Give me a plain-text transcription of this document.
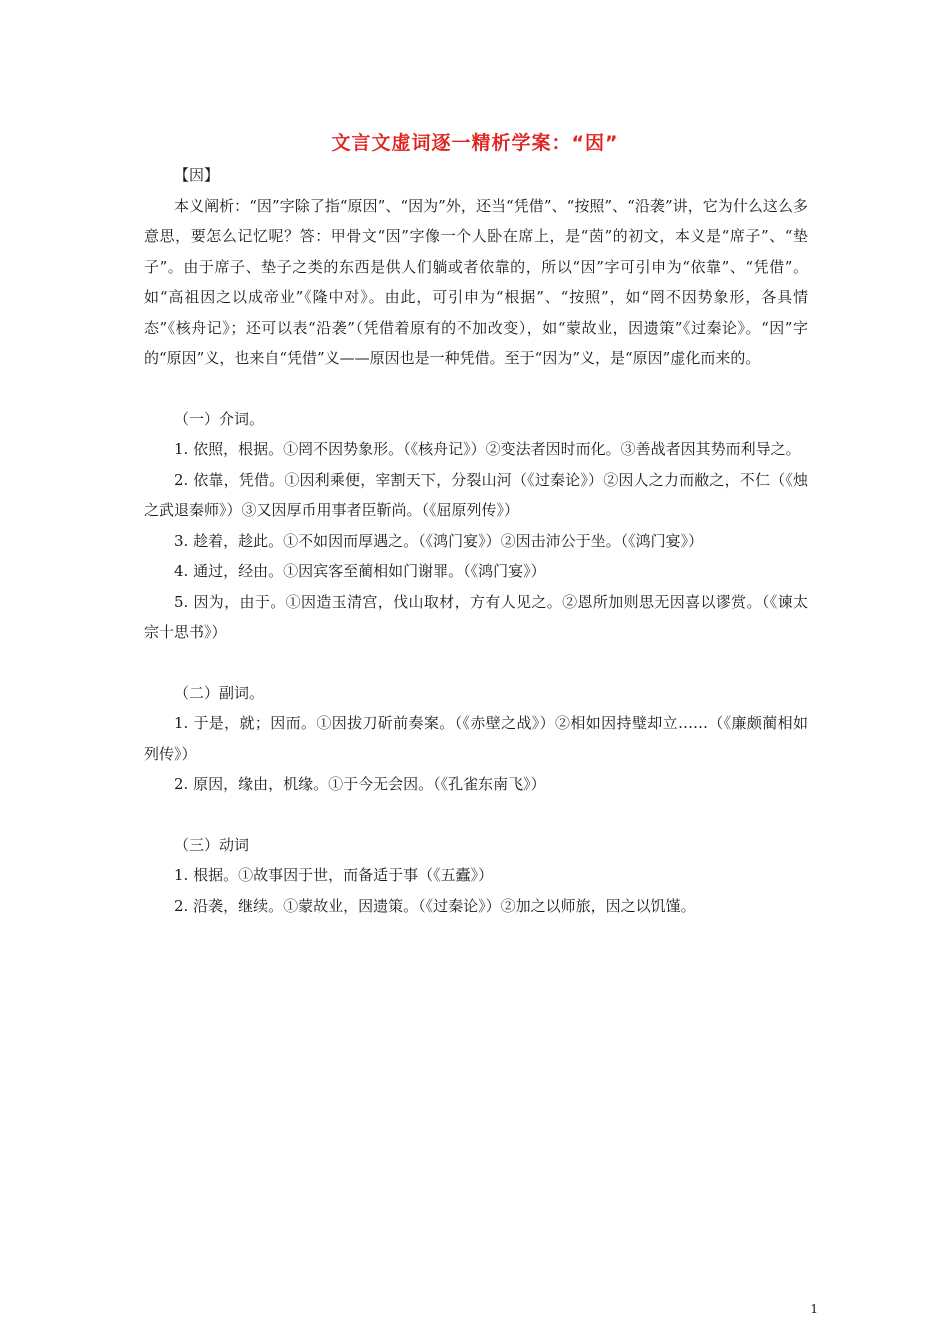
文言文虚词逐一精析学案：“因”

【因】

本义阐析：“因”字除了指“原因”、“因为”外，还当“凭借”、“按照”、“沿袭”讲，它为什么这么多意思，要怎么记忆呢？答：甲骨文“因”字像一个人卧在席上，是“茵”的初文，本义是“席子”、“垫子”。由于席子、垫子之类的东西是供人们躺或者依靠的，所以“因”字可引申为“依靠”、“凭借”。如“高祖因之以成帝业”《隆中对》。由此，可引申为“根据”、“按照”，如“罔不因势象形，各具情态”《核舟记》；还可以表“沿袭”（凭借着原有的不加改变），如“蒙故业，因遗策”《过秦论》。“因”字的“原因”义，也来自“凭借”义——原因也是一种凭借。至于“因为”义，是“原因”虚化而来的。

（一）介词。

1. 依照，根据。①罔不因势象形。（《核舟记》）②变法者因时而化。③善战者因其势而利导之。

2. 依靠，凭借。①因利乘便，宰割天下，分裂山河（《过秦论》）②因人之力而敝之，不仁（《烛之武退秦师》）③又因厚币用事者臣靳尚。（《屈原列传》）

3. 趁着，趁此。①不如因而厚遇之。（《鸿门宴》）②因击沛公于坐。（《鸿门宴》）

4. 通过，经由。①因宾客至蔺相如门谢罪。（《鸿门宴》）

5. 因为，由于。①因造玉清宫，伐山取材，方有人见之。②恩所加则思无因喜以谬赏。（《谏太宗十思书》）

（二）副词。

1. 于是，就；因而。①因拔刀斫前奏案。（《赤壁之战》）②相如因持璧却立……（《廉颇蔺相如列传》）

2. 原因，缘由，机缘。①于今无会因。（《孔雀东南飞》）

（三）动词

1. 根据。①故事因于世，而备适于事（《五蠹》）

2. 沿袭，继续。①蒙故业，因遗策。（《过秦论》）②加之以师旅，因之以饥馑。

1
